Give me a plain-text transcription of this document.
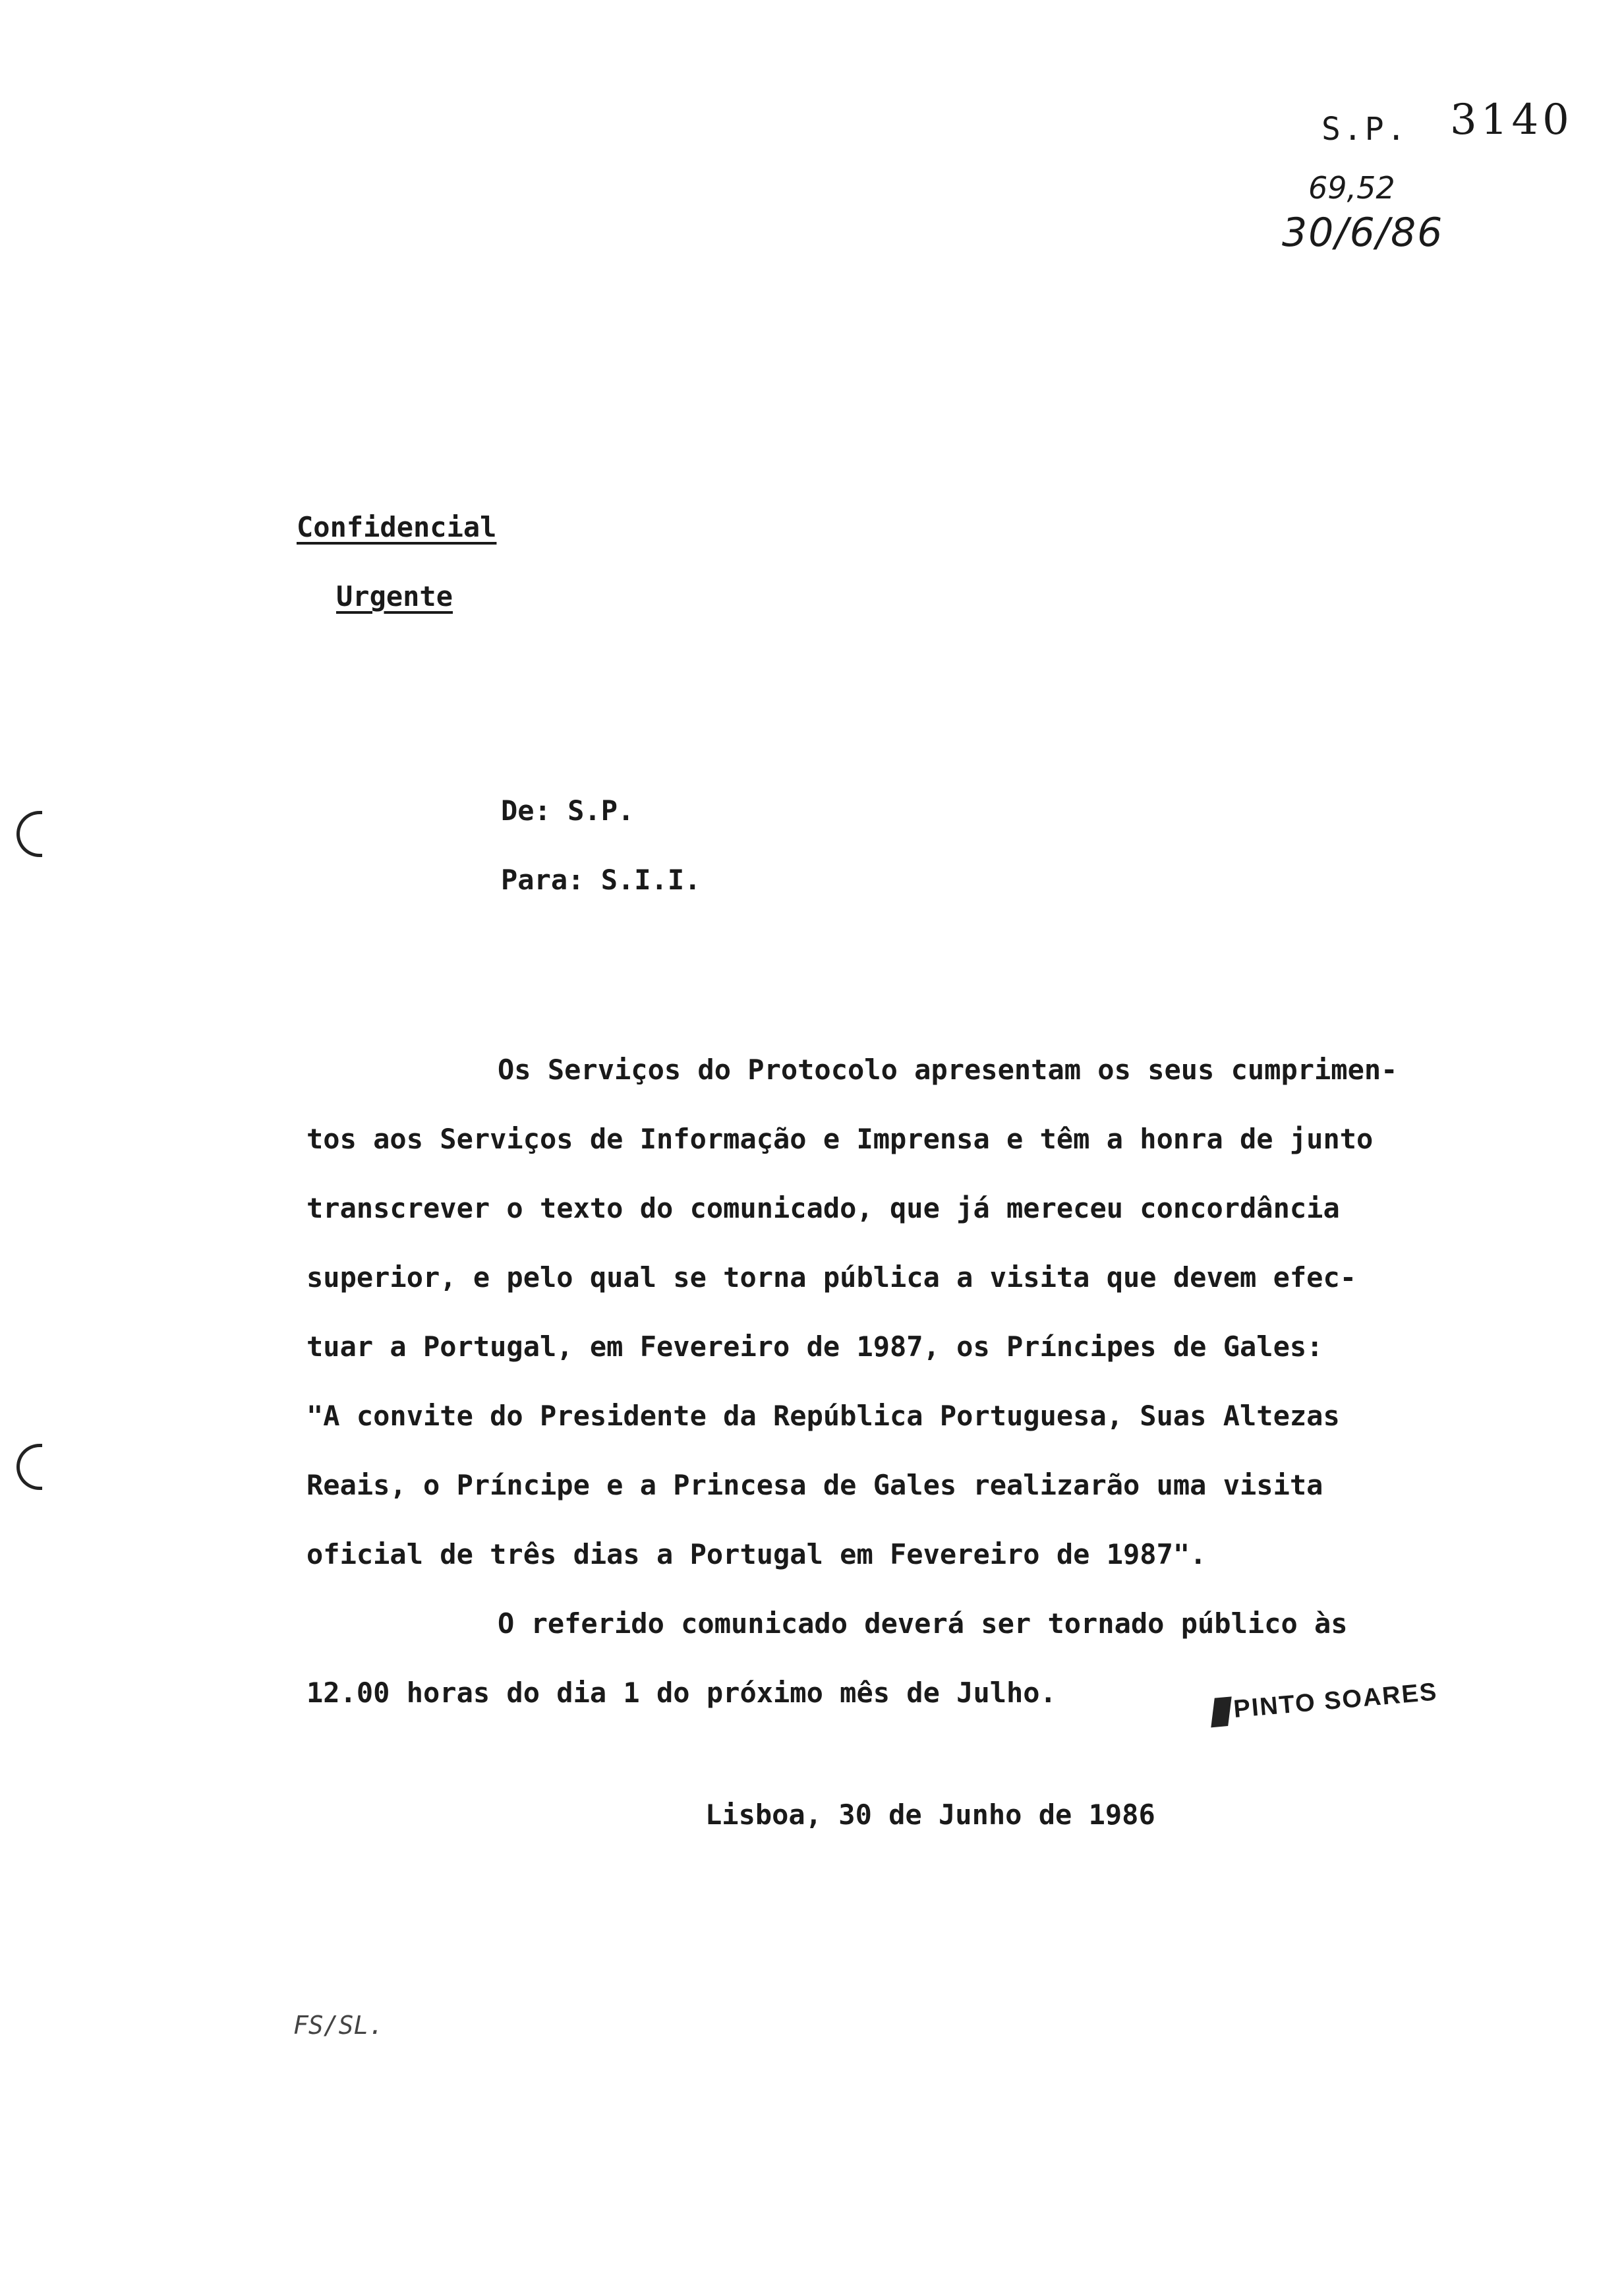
S.P. 3140
69,52
30/6/86
Confidencial
Urgente
De: S.P.
Para: S.I.I.
Os Serviços do Protocolo apresentam os seus cumprimen-
tos aos Serviços de Informação e Imprensa e têm a honra de junto
transcrever o texto do comunicado, que já mereceu concordância
superior, e pelo qual se torna pública a visita que devem efec-
tuar a Portugal, em Fevereiro de 1987, os Príncipes de Gales:
"A convite do Presidente da República Portuguesa, Suas Altezas
Reais, o Príncipe e a Princesa de Gales realizarão uma visita
oficial de três dias a Portugal em Fevereiro de 1987".
O referido comunicado deverá ser tornado público às
12.00 horas do dia 1 do próximo mês de Julho.	PINTO SOARES
Lisboa, 30 de Junho de 1986
FS/SL.
